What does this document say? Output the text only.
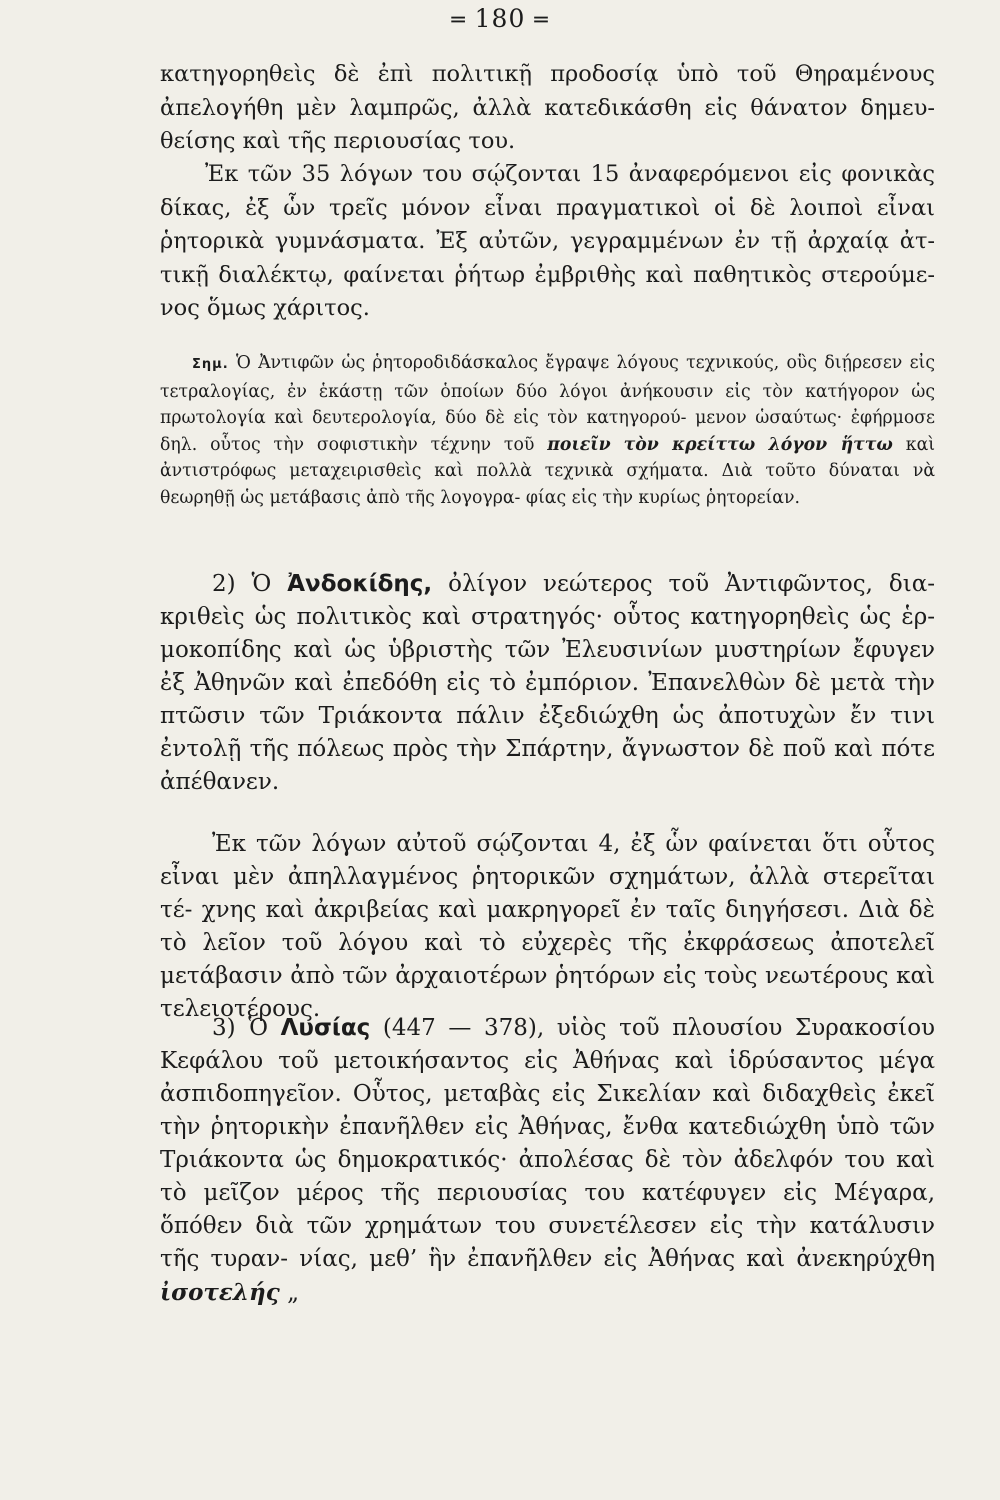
═ 180 ═
κατηγορηθεὶς δὲ ἐπὶ πολιτικῇ προδοσίᾳ ὑπὸ τοῦ Θηραμένους ἀπελογήθη μὲν λαμπρῶς, ἀλλὰ κατεδικάσθη εἰς θάνατον δημευ- θείσης καὶ τῆς περιουσίας του.
Ἐκ τῶν 35 λόγων του σῴζονται 15 ἀναφερόμενοι εἰς φονικὰς δίκας, ἐξ ὧν τρεῖς μόνον εἶναι πραγματικοὶ οἱ δὲ λοιποὶ εἶναι ῥητορικὰ γυμνάσματα. Ἐξ αὐτῶν, γεγραμμένων ἐν τῇ ἀρχαίᾳ ἀτ- τικῇ διαλέκτῳ, φαίνεται ῥήτωρ ἐμβριθὴς καὶ παθητικὸς στερούμε- νος ὅμως χάριτος.
Σημ. Ὁ Ἀντιφῶν ὡς ῥητοροδιδάσκαλος ἔγραψε λόγους τεχνικούς, οὓς διῄρεσεν εἰς τετραλογίας, ἐν ἑκάστῃ τῶν ὁποίων δύο λόγοι ἀνήκουσιν εἰς τὸν κατήγορον ὡς πρωτολογία καὶ δευτερολογία, δύο δὲ εἰς τὸν κατηγορού- μενον ὡσαύτως· ἐφήρμοσε δηλ. οὗτος τὴν σοφιστικὴν τέχνην τοῦ ποιεῖν τὸν κρείττω λόγον ἥττω καὶ ἀντιστρόφως μεταχειρισθεὶς καὶ πολλὰ τεχνικὰ σχήματα. Διὰ τοῦτο δύναται νὰ θεωρηθῇ ὡς μετάβασις ἀπὸ τῆς λογογρα- φίας εἰς τὴν κυρίως ῥητορείαν.
2) Ὁ Ἀνδοκίδης, ὀλίγον νεώτερος τοῦ Ἀντιφῶντος, δια- κριθεὶς ὡς πολιτικὸς καὶ στρατηγός· οὗτος κατηγορηθεὶς ὡς ἑρ- μοκοπίδης καὶ ὡς ὑβριστὴς τῶν Ἐλευσινίων μυστηρίων ἔφυγεν ἐξ Ἀθηνῶν καὶ ἐπεδόθη εἰς τὸ ἐμπόριον. Ἐπανελθὼν δὲ μετὰ τὴν πτῶσιν τῶν Τριάκοντα πάλιν ἐξεδιώχθη ὡς ἀποτυχὼν ἔν τινι ἐντολῇ τῆς πόλεως πρὸς τὴν Σπάρτην, ἄγνωστον δὲ ποῦ καὶ πότε ἀπέθανεν.
Ἐκ τῶν λόγων αὐτοῦ σῴζονται 4, ἐξ ὧν φαίνεται ὅτι οὗτος εἶναι μὲν ἀπηλλαγμένος ῥητορικῶν σχημάτων, ἀλλὰ στερεῖται τέ- χνης καὶ ἀκριβείας καὶ μακρηγορεῖ ἐν ταῖς διηγήσεσι. Διὰ δὲ τὸ λεῖον τοῦ λόγου καὶ τὸ εὐχερὲς τῆς ἐκφράσεως ἀποτελεῖ μετάβασιν ἀπὸ τῶν ἀρχαιοτέρων ῥητόρων εἰς τοὺς νεωτέρους καὶ τελειοτέρους.
3) Ὁ Λυσίας (447 — 378), υἱὸς τοῦ πλουσίου Συρακοσίου Κεφάλου τοῦ μετοικήσαντος εἰς Ἀθήνας καὶ ἱδρύσαντος μέγα ἀσπιδοπηγεῖον. Οὗτος, μεταβὰς εἰς Σικελίαν καὶ διδαχθεὶς ἐκεῖ τὴν ῥητορικὴν ἐπανῆλθεν εἰς Ἀθήνας, ἔνθα κατεδιώχθη ὑπὸ τῶν Τριάκοντα ὡς δημοκρατικός· ἀπολέσας δὲ τὸν ἀδελφόν του καὶ τὸ μεῖζον μέρος τῆς περιουσίας του κατέφυγεν εἰς Μέγαρα, ὅπόθεν διὰ τῶν χρημάτων του συνετέλεσεν εἰς τὴν κατάλυσιν τῆς τυραν- νίας, μεθ’ ἣν ἐπανῆλθεν εἰς Ἀθήνας καὶ ἀνεκηρύχθη ἰσοτελής „
